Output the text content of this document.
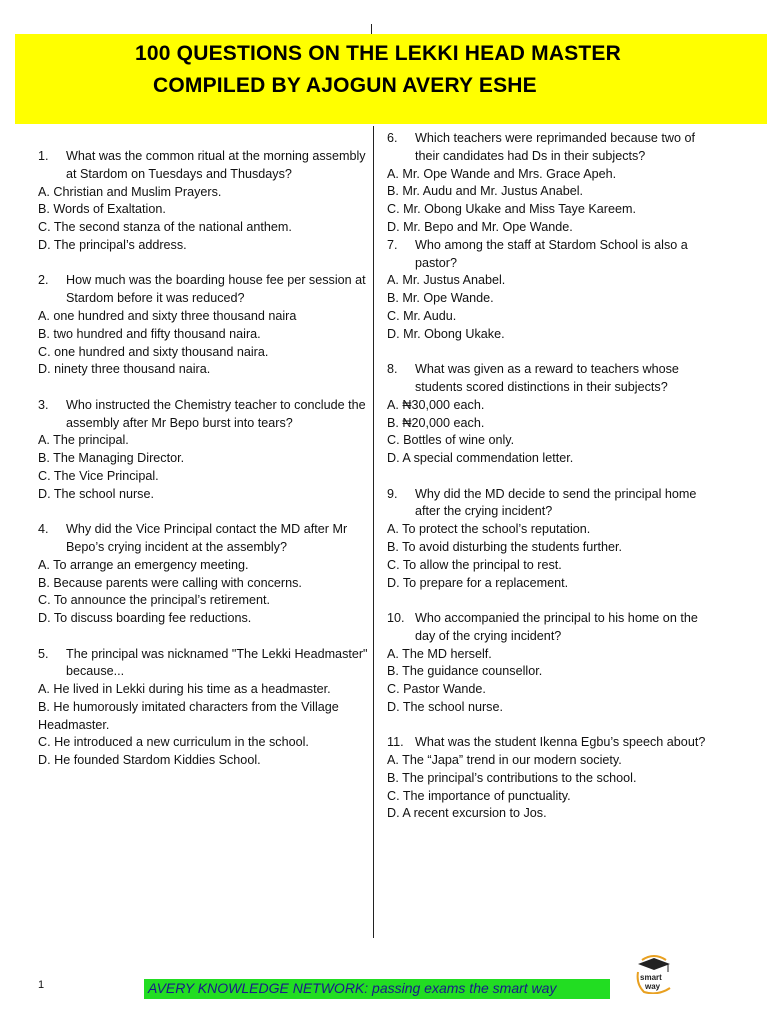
100 QUESTIONS ON THE LEKKI HEAD MASTER
COMPILED BY AJOGUN AVERY ESHE
1.	What was the common ritual at the morning assembly at Stardom on Tuesdays and Thusdays?
A. Christian and Muslim Prayers.
B. Words of Exaltation.
C. The second stanza of the national anthem.
D. The principal’s address.
2.	How much was the boarding house fee per session at Stardom before it was reduced?
A. one hundred and sixty three thousand naira
B. two hundred and fifty thousand naira.
C. one hundred and sixty thousand naira.
D. ninety three thousand naira.
3.	Who instructed the Chemistry teacher to conclude the assembly after Mr Bepo burst into tears?
A. The principal.
B. The Managing Director.
C. The Vice Principal.
D. The school nurse.
4.	Why did the Vice Principal contact the MD after Mr Bepo’s crying incident at the assembly?
A. To arrange an emergency meeting.
B. Because parents were calling with concerns.
C. To announce the principal’s retirement.
D. To discuss boarding fee reductions.
5.	The principal was nicknamed "The Lekki Headmaster" because...
A. He lived in Lekki during his time as a headmaster.
B. He humorously imitated characters from the Village Headmaster.
C. He introduced a new curriculum in the school.
D. He founded Stardom Kiddies School.
6.	Which teachers were reprimanded because two of their candidates had Ds in their subjects?
A. Mr. Ope Wande and Mrs. Grace Apeh.
B. Mr. Audu and Mr. Justus Anabel.
C. Mr. Obong Ukake and Miss Taye Kareem.
D. Mr. Bepo and Mr. Ope Wande.
7.	Who among the staff at Stardom School is also a pastor?
A. Mr. Justus Anabel.
B. Mr. Ope Wande.
C. Mr. Audu.
D. Mr. Obong Ukake.
8.	What was given as a reward to teachers whose students scored distinctions in their subjects?
A. ₦30,000 each.
B. ₦20,000 each.
C. Bottles of wine only.
D. A special commendation letter.
9.	Why did the MD decide to send the principal home after the crying incident?
A. To protect the school’s reputation.
B. To avoid disturbing the students further.
C. To allow the principal to rest.
D. To prepare for a replacement.
10. Who accompanied the principal to his home on the day of the crying incident?
A. The MD herself.
B. The guidance counsellor.
C. Pastor Wande.
D. The school nurse.
11. What was the student Ikenna Egbu’s speech about?
A. The “Japa” trend in our modern society.
B. The principal’s contributions to the school.
C. The importance of punctuality.
D. A recent excursion to Jos.
1	AVERY KNOWLEDGE NETWORK: passing exams the smart way
smart
way
